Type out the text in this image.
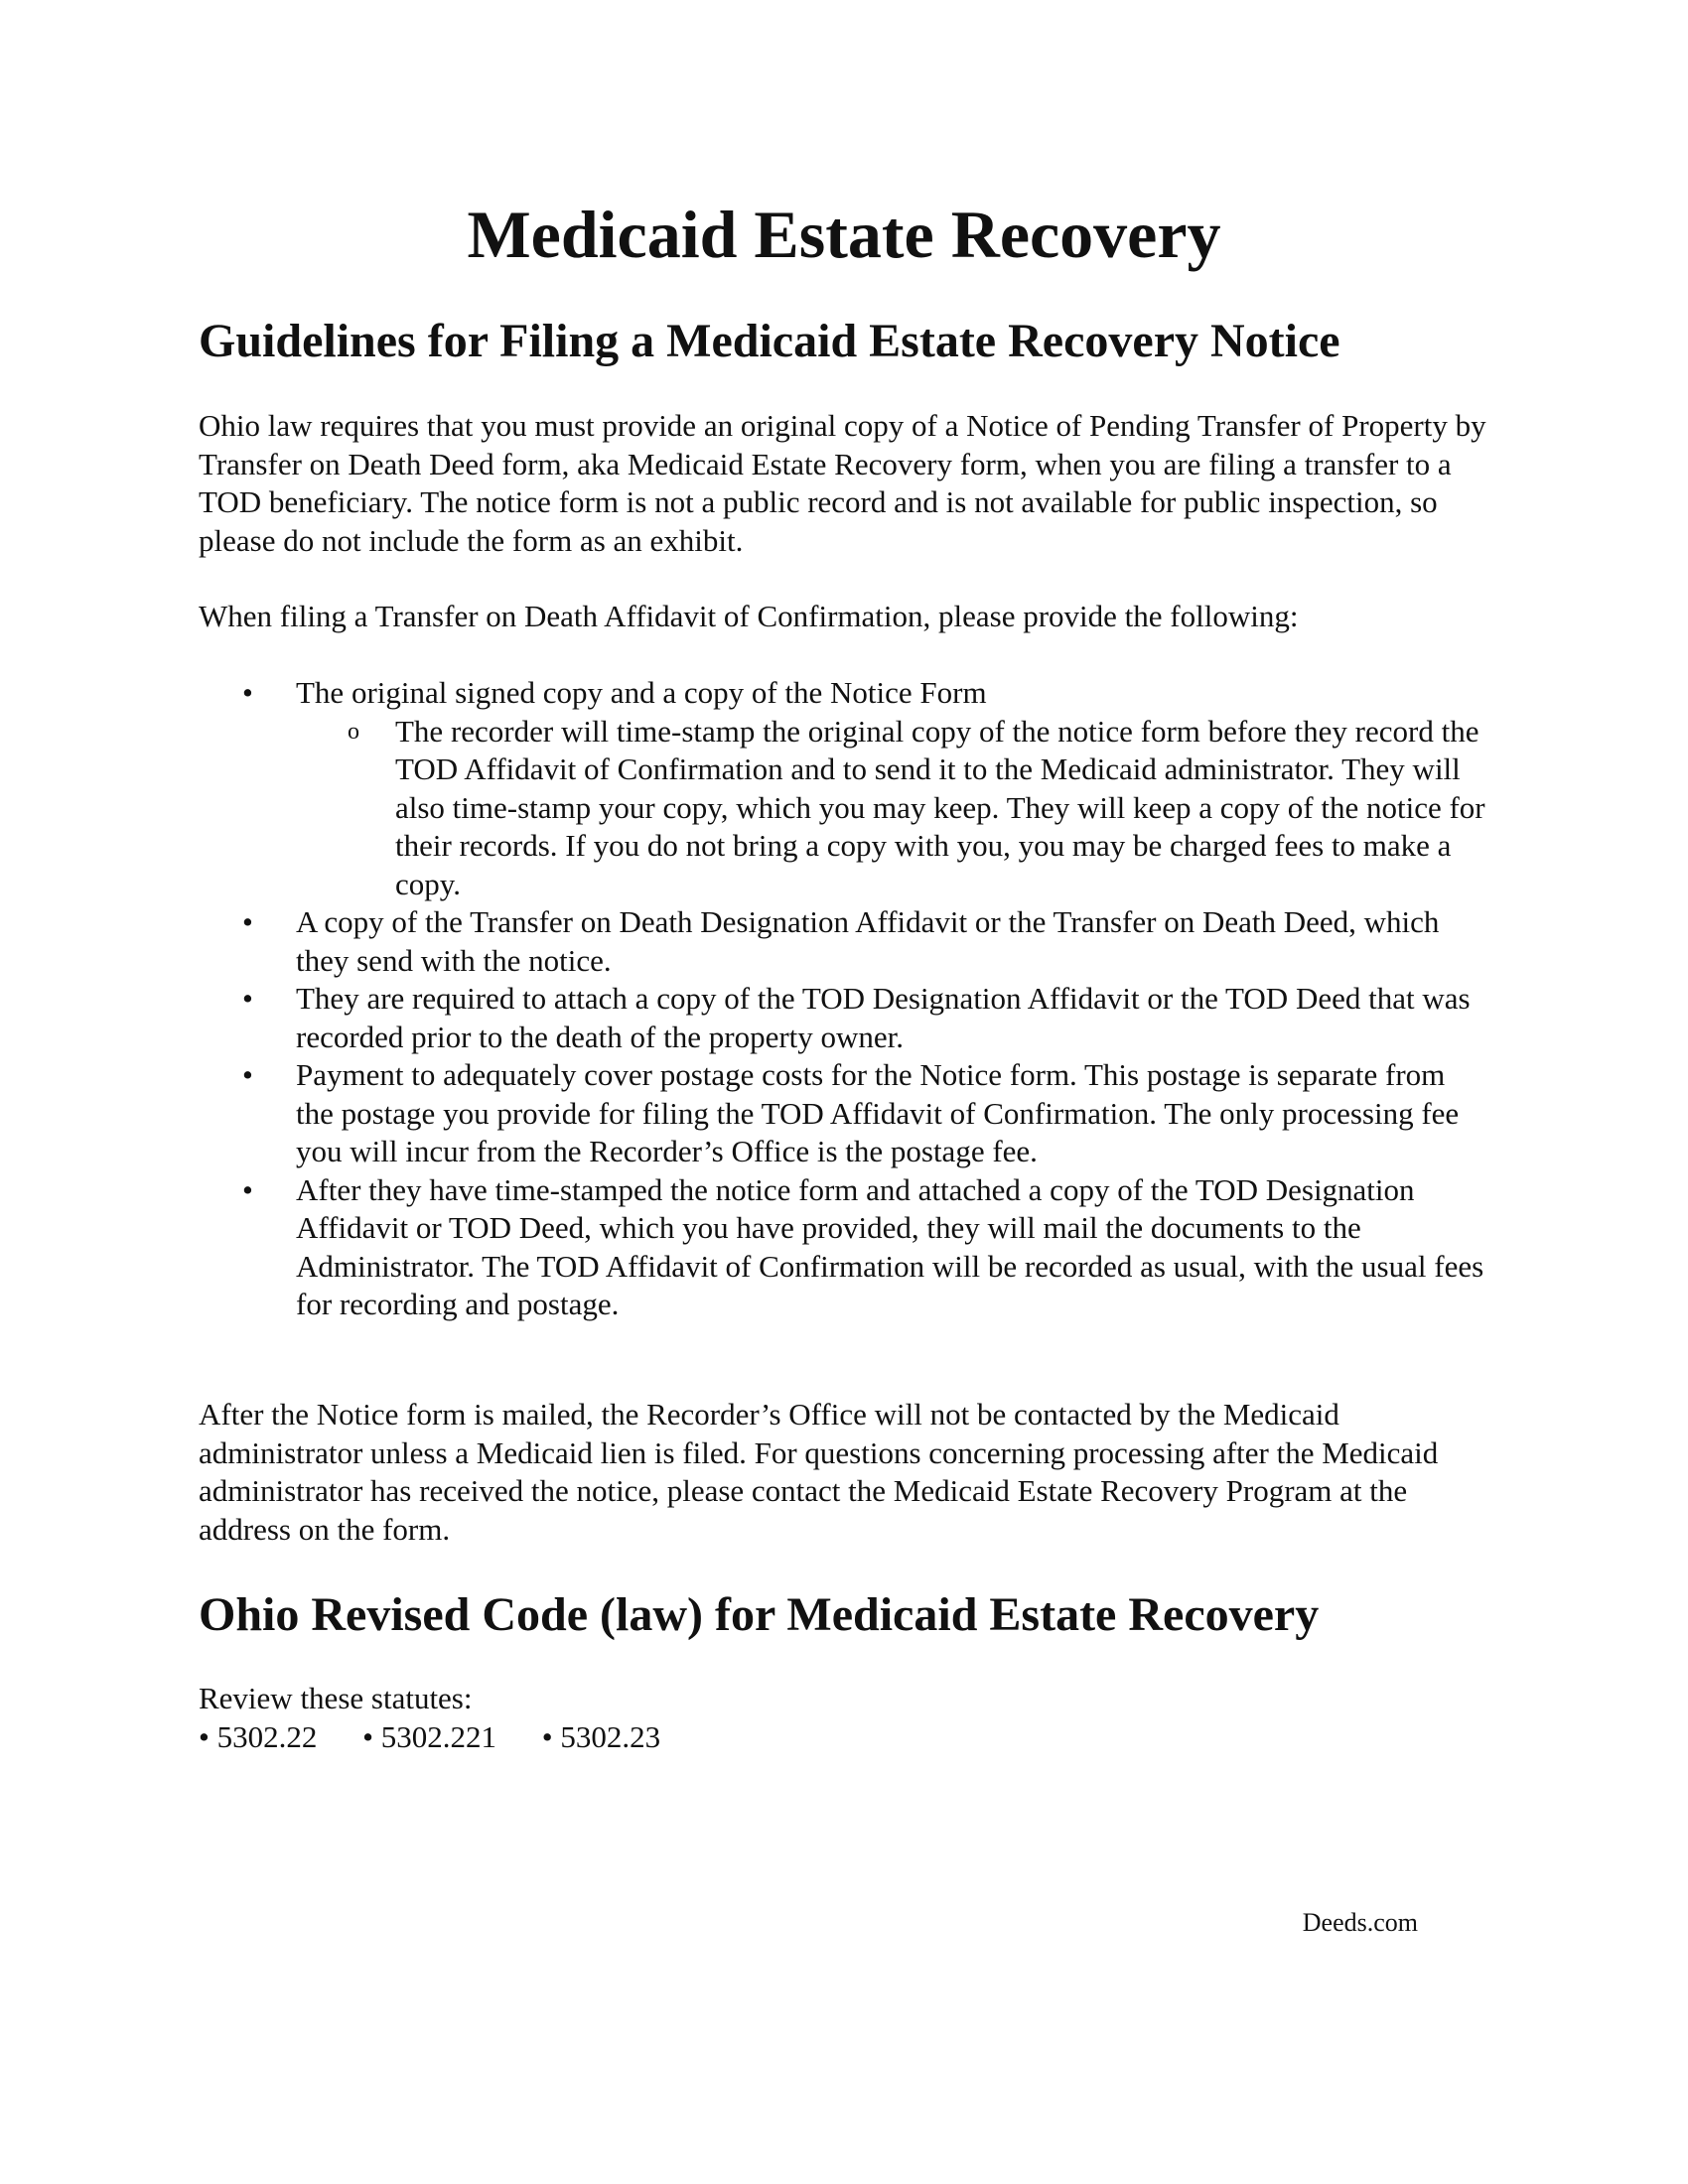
Medicaid Estate Recovery
Guidelines for Filing a Medicaid Estate Recovery Notice

Ohio law requires that you must provide an original copy of a Notice of Pending Transfer of Property by Transfer on Death Deed form, aka Medicaid Estate Recovery form, when you are filing a transfer to a TOD beneficiary. The notice form is not a public record and is not available for public inspection, so please do not include the form as an exhibit.

When filing a Transfer on Death Affidavit of Confirmation, please provide the following:

• The original signed copy and a copy of the Notice Form
o The recorder will time-stamp the original copy of the notice form before they record the TOD Affidavit of Confirmation and to send it to the Medicaid administrator. They will also time-stamp your copy, which you may keep. They will keep a copy of the notice for their records. If you do not bring a copy with you, you may be charged fees to make a copy.
• A copy of the Transfer on Death Designation Affidavit or the Transfer on Death Deed, which they send with the notice.
• They are required to attach a copy of the TOD Designation Affidavit or the TOD Deed that was recorded prior to the death of the property owner.
• Payment to adequately cover postage costs for the Notice form. This postage is separate from the postage you provide for filing the TOD Affidavit of Confirmation. The only processing fee you will incur from the Recorder’s Office is the postage fee.
• After they have time-stamped the notice form and attached a copy of the TOD Designation Affidavit or TOD Deed, which you have provided, they will mail the documents to the Administrator. The TOD Affidavit of Confirmation will be recorded as usual, with the usual fees for recording and postage.

After the Notice form is mailed, the Recorder’s Office will not be contacted by the Medicaid administrator unless a Medicaid lien is filed. For questions concerning processing after the Medicaid administrator has received the notice, please contact the Medicaid Estate Recovery Program at the address on the form.

Ohio Revised Code (law) for Medicaid Estate Recovery

Review these statutes:

• 5302.22 • 5302.221 • 5302.23

Deeds.com
